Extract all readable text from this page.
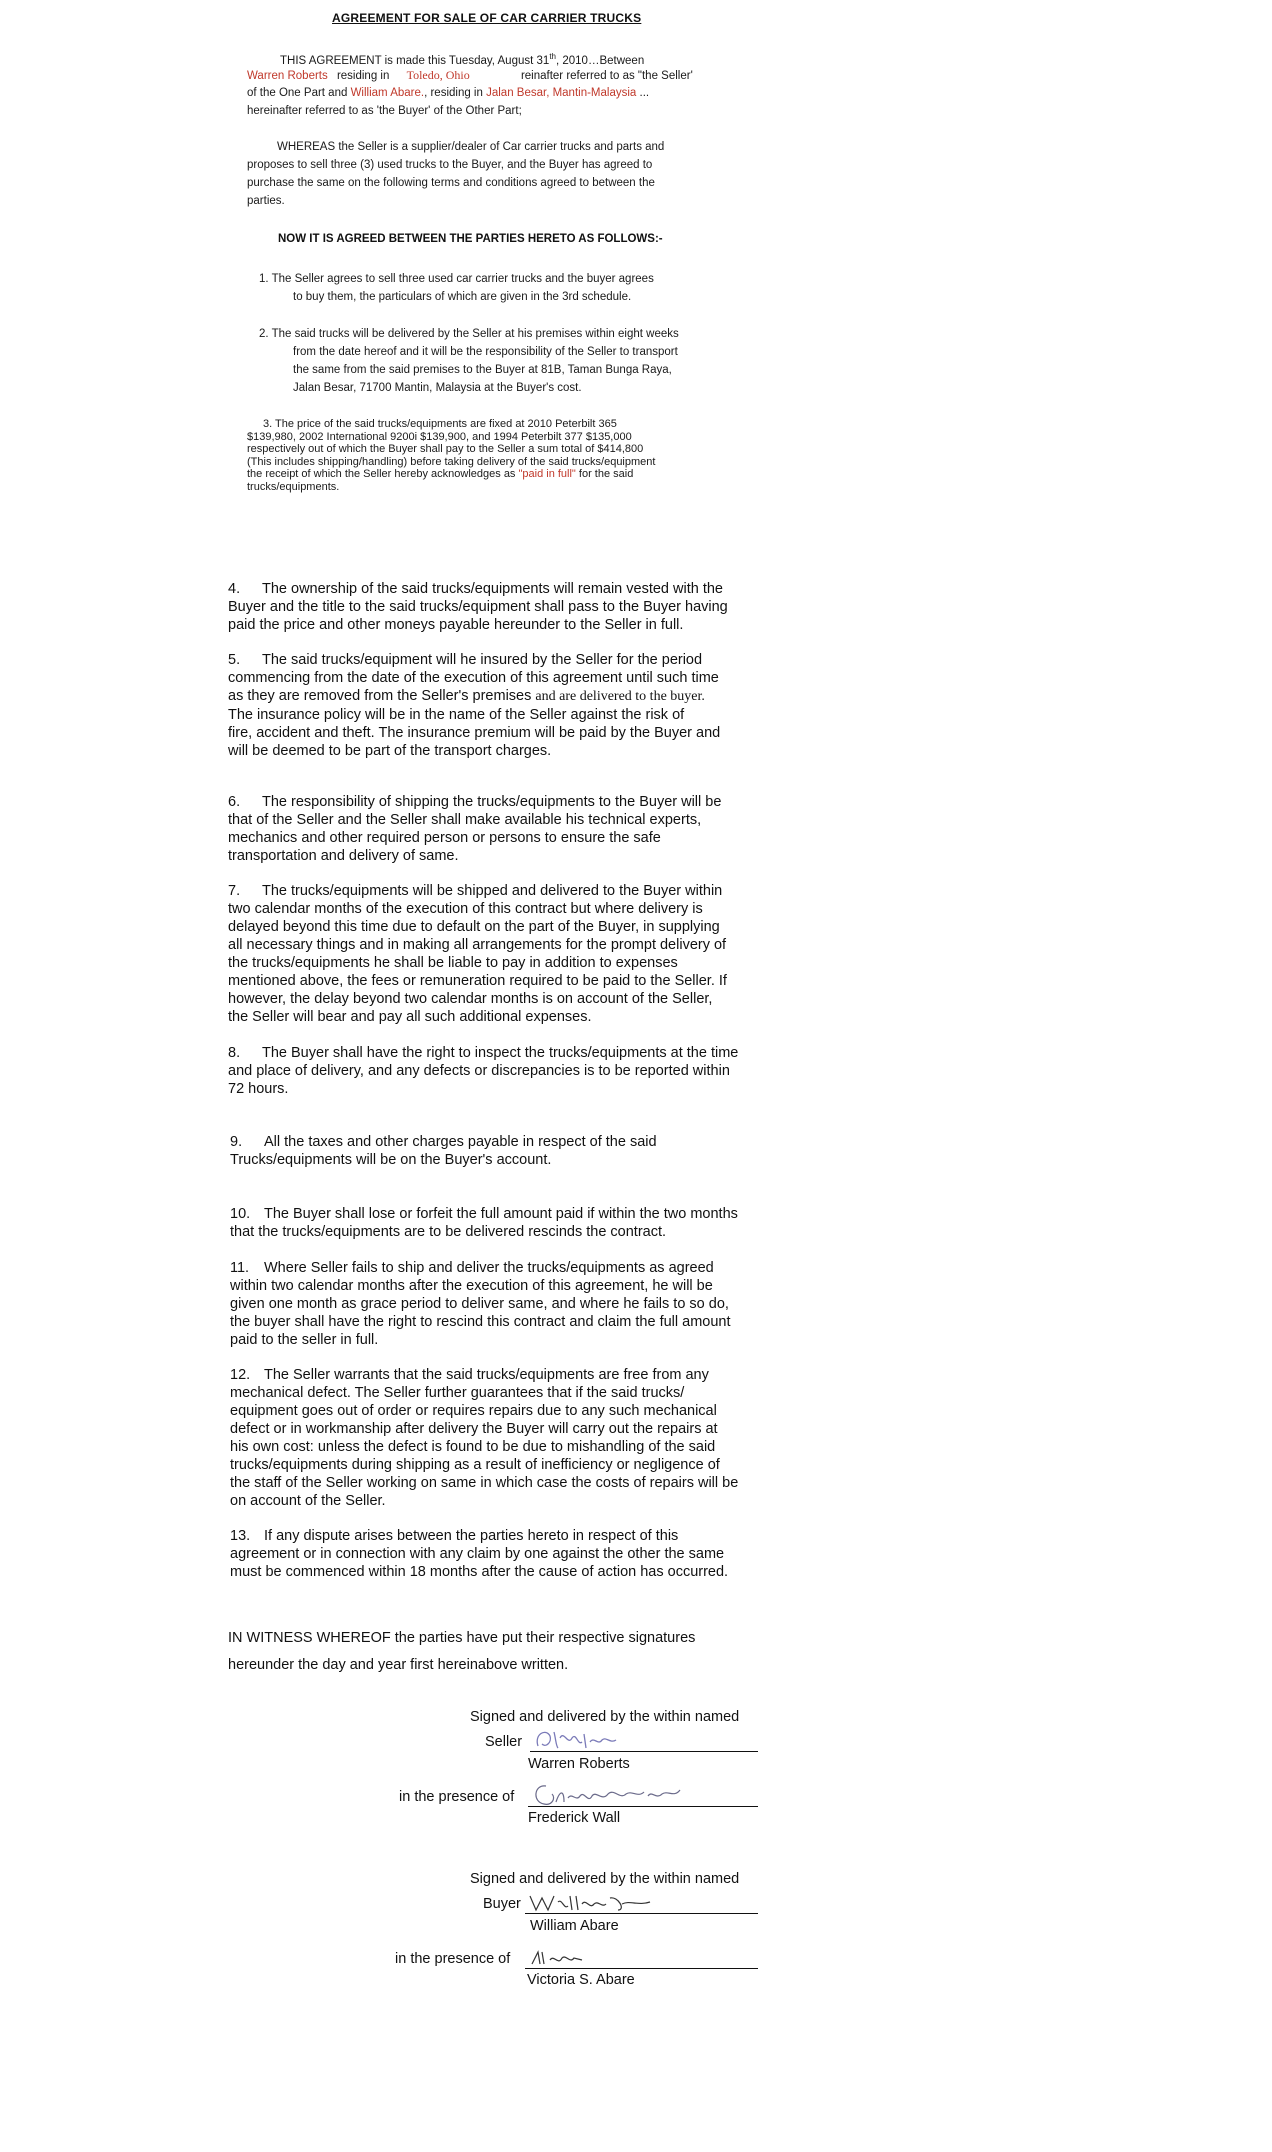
AGREEMENT FOR SALE OF CAR CARRIER TRUCKS
THIS AGREEMENT is made this Tuesday, August 31th, 2010…Between
Warren Roberts residing in Toledo, Ohio	reinafter referred to as "the Seller'
of the One Part and William Abare., residing in Jalan Besar, Mantin-Malaysia ...
hereinafter referred to as 'the Buyer' of the Other Part;
WHEREAS the Seller is a supplier/dealer of Car carrier trucks and parts and
proposes to sell three (3) used trucks to the Buyer, and the Buyer has agreed to
purchase the same on the following terms and conditions agreed to between the
parties.
NOW IT IS AGREED BETWEEN THE PARTIES HERETO AS FOLLOWS:-
1. The Seller agrees to sell three used car carrier trucks and the buyer agrees
to buy them, the particulars of which are given in the 3rd schedule.
2. The said trucks will be delivered by the Seller at his premises within eight weeks
from the date hereof and it will be the responsibility of the Seller to transport
the same from the said premises to the Buyer at 81B, Taman Bunga Raya,
Jalan Besar, 71700 Mantin, Malaysia at the Buyer's cost.
3. The price of the said trucks/equipments are fixed at 2010 Peterbilt 365
$139,980, 2002 International 9200i $139,900, and 1994 Peterbilt 377 $135,000
respectively out of which the Buyer shall pay to the Seller a sum total of $414,800
(This includes shipping/handling) before taking delivery of the said trucks/equipment
the receipt of which the Seller hereby acknowledges as "paid in full" for the said
trucks/equipments.

4. The ownership of the said trucks/equipments will remain vested with the

Buyer and the title to the said trucks/equipment shall pass to the Buyer having

paid the price and other moneys payable hereunder to the Seller in full.

5. The said trucks/equipment will he insured by the Seller for the period

commencing from the date of the execution of this agreement until such time

as they are removed from the Seller's premises and are delivered to the buyer.

The insurance policy will be in the name of the Seller against the risk of

fire, accident and theft. The insurance premium will be paid by the Buyer and

will be deemed to be part of the transport charges.

6. The responsibility of shipping the trucks/equipments to the Buyer will be

that of the Seller and the Seller shall make available his technical experts,

mechanics and other required person or persons to ensure the safe

transportation and delivery of same.

7. The trucks/equipments will be shipped and delivered to the Buyer within

two calendar months of the execution of this contract but where delivery is

delayed beyond this time due to default on the part of the Buyer, in supplying

all necessary things and in making all arrangements for the prompt delivery of

the trucks/equipments he shall be liable to pay in addition to expenses

mentioned above, the fees or remuneration required to be paid to the Seller. If

however, the delay beyond two calendar months is on account of the Seller,

the Seller will bear and pay all such additional expenses.

8. The Buyer shall have the right to inspect the trucks/equipments at the time

and place of delivery, and any defects or discrepancies is to be reported within

72 hours.

9. All the taxes and other charges payable in respect of the said

Trucks/equipments will be on the Buyer's account.

10. The Buyer shall lose or forfeit the full amount paid if within the two months

that the trucks/equipments are to be delivered rescinds the contract.

11. Where Seller fails to ship and deliver the trucks/equipments as agreed

within two calendar months after the execution of this agreement, he will be

given one month as grace period to deliver same, and where he fails to so do,

the buyer shall have the right to rescind this contract and claim the full amount

paid to the seller in full.

12. The Seller warrants that the said trucks/equipments are free from any

mechanical defect. The Seller further guarantees that if the said trucks/

equipment goes out of order or requires repairs due to any such mechanical

defect or in workmanship after delivery the Buyer will carry out the repairs at

his own cost: unless the defect is found to be due to mishandling of the said

trucks/equipments during shipping as a result of inefficiency or negligence of

the staff of the Seller working on same in which case the costs of repairs will be

on account of the Seller.

13. If any dispute arises between the parties hereto in respect of this

agreement or in connection with any claim by one against the other the same

must be commenced within 18 months after the cause of action has occurred.

IN WITNESS WHEREOF the parties have put their respective signatures

hereunder the day and year first hereinabove written.

Signed and delivered by the within named
Seller
Warren Roberts
in the presence of
Frederick Wall
Signed and delivered by the within named
Buyer
William Abare
in the presence of
Victoria S. Abare
